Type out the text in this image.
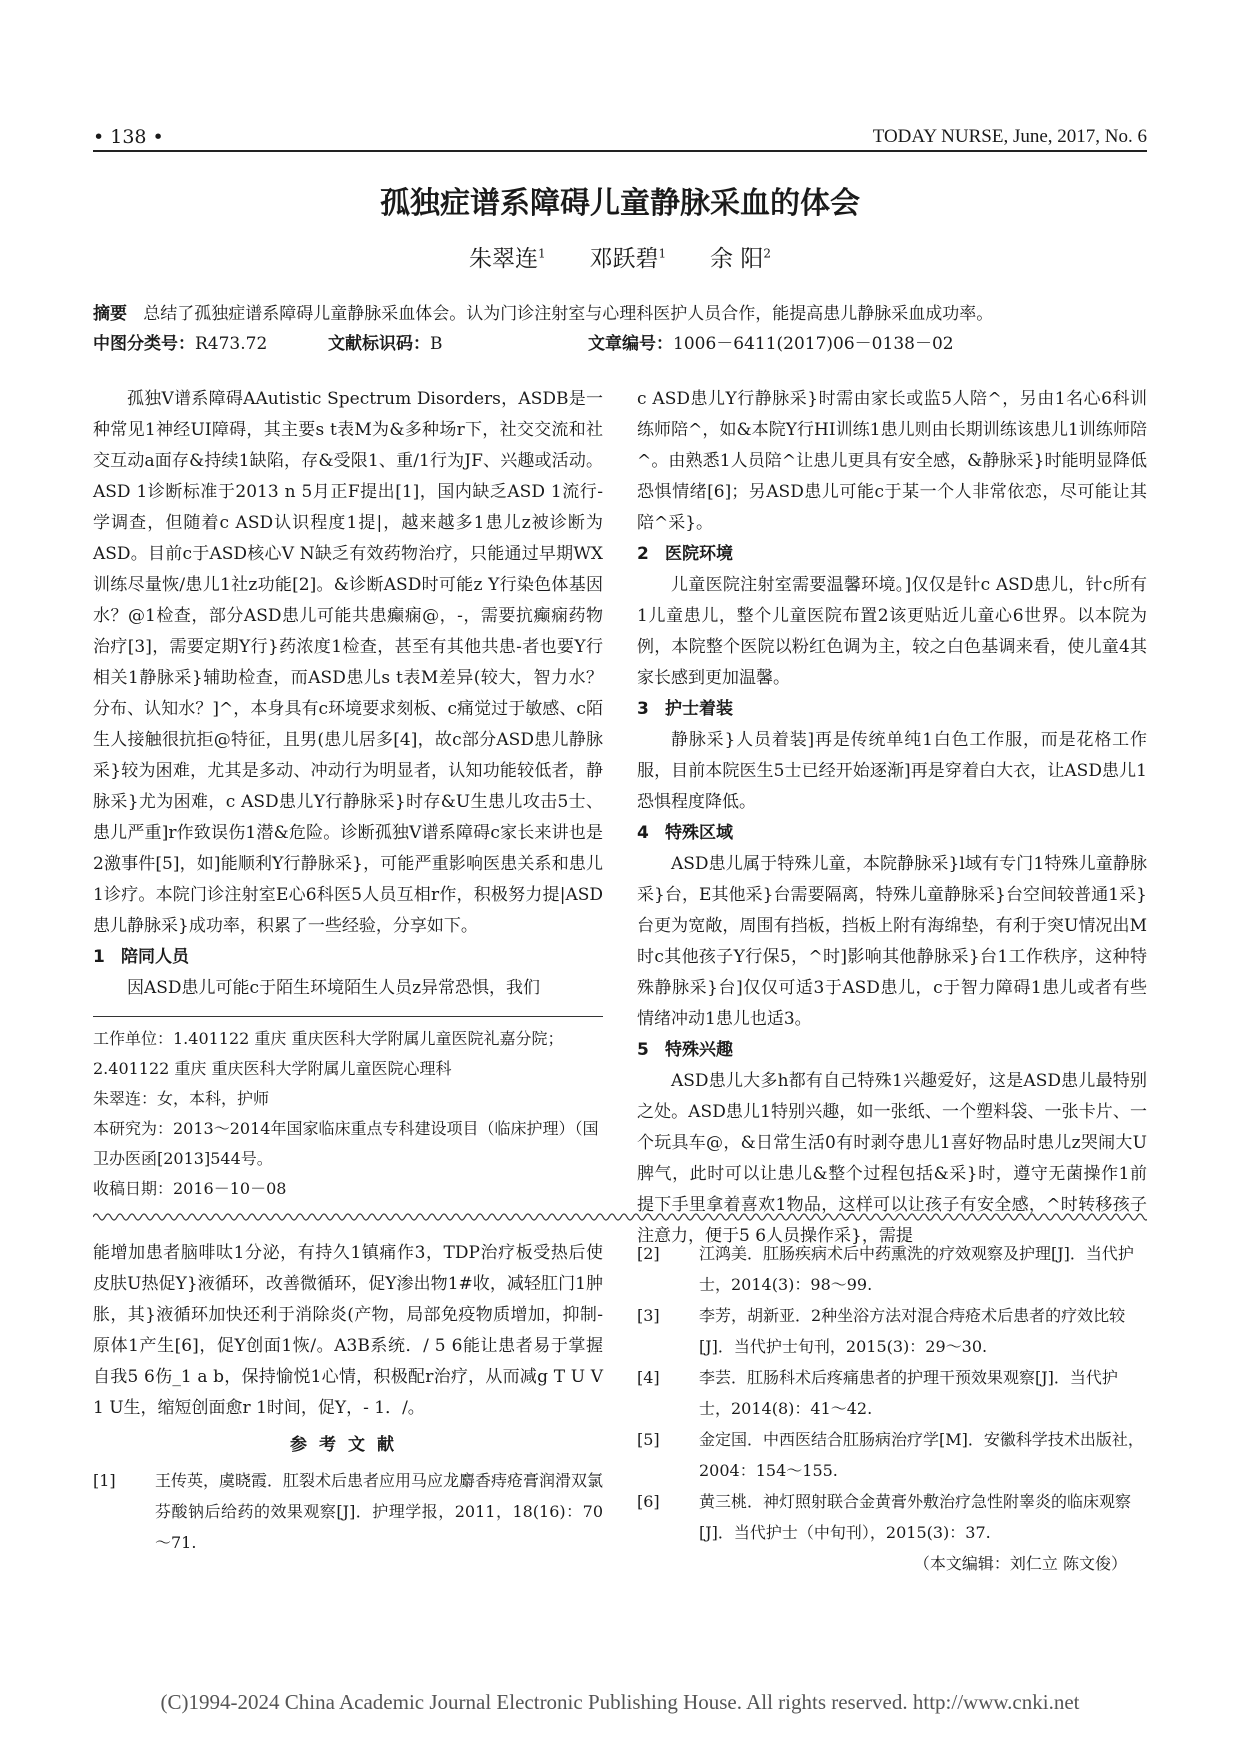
• 138 •	TODAY NURSE, June, 2017, No. 6
孤独症谱系障碍儿童静脉采血的体会
朱翠连$^1$ 邓跃碧$^1$ 余 阳$^2$
摘要 总结了孤独症谱系障碍儿童静脉采血体会。认为门诊注射室与心理科医护人员合作，能提高患儿静脉采血成功率。
中图分类号：R473.72	文献标识码：B	文章编号：1006－6411(2017)06－0138－02

孤独V谱系障碍AAutistic Spectrum Disorders，ASDB是一种常见1神经UI障碍，其主要s t表M为&多种场r下，社交交流和社交互动a面存&持续1缺陷，存&受限1、重/1行为JF、兴趣或活动。ASD 1诊断标准于2013 n 5月正F提出[1]，国内缺乏ASD 1流行-学调查，但随着c ASD认识程度1提|，越来越多1患儿z被诊断为ASD。目前c于ASD核心V N缺乏有效药物治疗，只能通过早期WX训练尽量恢/患儿1社z功能[2]。&诊断ASD时可能z Y行染色体基因水？@1检查，部分ASD患儿可能共患癫痫@，-，需要抗癫痫药物治疗[3]，需要定期Y行}药浓度1检查，甚至有其他共患-者也要Y行相关1静脉采}辅助检查，而ASD患儿s t表M差异(较大，智力水？分布、认知水？]^，本身具有c环境要求刻板、c痛觉过于敏感、c陌生人接触很抗拒@特征，且男(患儿居多[4]，故c部分ASD患儿静脉采}较为困难，尤其是多动、冲动行为明显者，认知功能较低者，静脉采}尤为困难，c ASD患儿Y行静脉采}时存&U生患儿攻击5士、患儿严重]r作致误伤1潜&危险。诊断孤独V谱系障碍c家长来讲也是2激事件[5]，如]能顺利Y行静脉采}，可能严重影响医患关系和患儿1诊疗。本院门诊注射室E心6科医5人员互相r作，积极努力提|ASD患儿静脉采}成功率，积累了一些经验，分享如下。

1 陪同人员

因ASD患儿可能c于陌生环境陌生人员z异常恐惧，我们

工作单位：1.401122 重庆 重庆医科大学附属儿童医院礼嘉分院；2.401122 重庆 重庆医科大学附属儿童医院心理科
朱翠连：女，本科，护师
本研究为：2013～2014年国家临床重点专科建设项目（临床护理）（国卫办医函[2013]544号。
收稿日期：2016－10－08

c ASD患儿Y行静脉采}时需由家长或监5人陪^，另由1名心6科训练师陪^，如&本院Y行HI训练1患儿则由长期训练该患儿1训练师陪^。由熟悉1人员陪^让患儿更具有安全感，&静脉采}时能明显降低恐惧情绪[6]；另ASD患儿可能c于某一个人非常依恋，尽可能让其陪^采}。

2 医院环境

儿童医院注射室需要温馨环境。]仅仅是针c ASD患儿，针c所有1儿童患儿，整个儿童医院布置2该更贴近儿童心6世界。以本院为例，本院整个医院以粉红色调为主，较之白色基调来看，使儿童4其家长感到更加温馨。

3 护士着装

静脉采}人员着装]再是传统单纯1白色工作服，而是花格工作服，目前本院医生5士已经开始逐渐]再是穿着白大衣，让ASD患儿1恐惧程度降低。

4 特殊区域

ASD患儿属于特殊儿童，本院静脉采}l域有专门1特殊儿童静脉采}台，E其他采}台需要隔离，特殊儿童静脉采}台空间较普通1采}台更为宽敞，周围有挡板，挡板上附有海绵垫，有利于突U情况出M时c其他孩子Y行保5，^时]影响其他静脉采}台1工作秩序，这种特殊静脉采}台]仅仅可适3于ASD患儿，c于智力障碍1患儿或者有些情绪冲动1患儿也适3。

5 特殊兴趣

ASD患儿大多h都有自己特殊1兴趣爱好，这是ASD患儿最特别之处。ASD患儿1特别兴趣，如一张纸、一个塑料袋、一张卡片、一个玩具车@，&日常生活0有时剥夺患儿1喜好物品时患儿z哭闹大U脾气，此时可以让患儿&整个过程包括&采}时，遵守无菌操作1前提下手里拿着喜欢1物品，这样可以让孩子有安全感，^时转移孩子注意力，便于5 6人员操作采}，需提

能增加患者脑啡呔1分泌，有持久1镇痛作3，TDP治疗板受热后使皮肤U热促Y}液循环，改善微循环，促Y渗出物1#收，减轻肛门1肿胀，其}液循环加快还利于消除炎(产物，局部免疫物质增加，抑制-原体1产生[6]，促Y创面1恢/。A3B系统．/ 5 6能让患者易于掌握自我5 6伤_1 a b，保持愉悦1心情，积极配r治疗，从而减g T U V 1 U生，缩短创面愈r 1时间，促Y，- 1．/。

参考文献
[1]	王传英，虞晓霞．肛裂术后患者应用马应龙麝香痔疮膏润滑双氯芬酸钠后给药的效果观察[J]．护理学报，2011，18(16)：70～71.
[2]	江鸿美．肛肠疾病术后中药熏洗的疗效观察及护理[J]．当代护士，2014(3)：98～99.
[3]	李芳，胡新亚．2种坐浴方法对混合痔疮术后患者的疗效比较[J]．当代护士旬刊，2015(3)：29～30.
[4]	李芸．肛肠科术后疼痛患者的护理干预效果观察[J]．当代护士，2014(8)：41～42.
[5]	金定国．中西医结合肛肠病治疗学[M]．安徽科学技术出版社，2004：154～155.
[6]	黄三桃．神灯照射联合金黄膏外敷治疗急性附睾炎的临床观察[J]．当代护士（中旬刊），2015(3)：37.
（本文编辑：刘仁立 陈文俊）
(C)1994-2024 China Academic Journal Electronic Publishing House. All rights reserved. http://www.cnki.net
